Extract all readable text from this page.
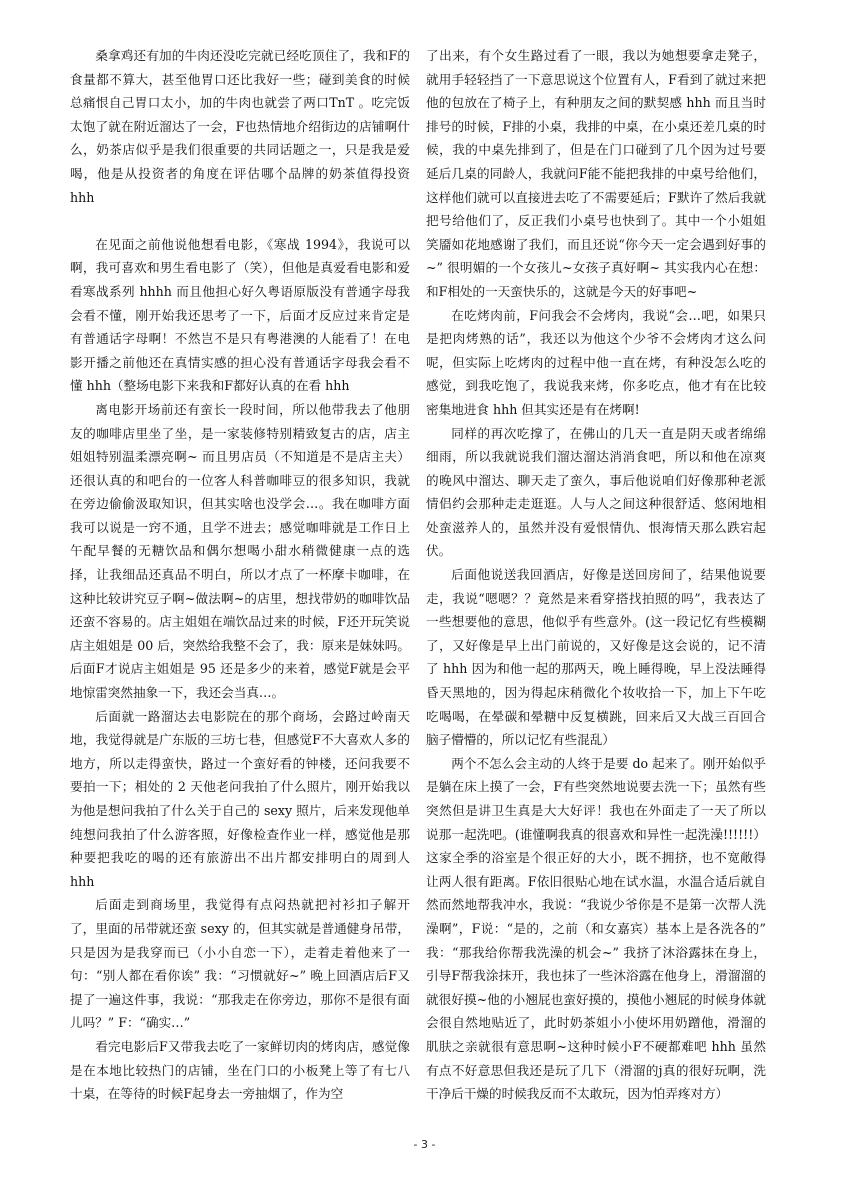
桑拿鸡还有加的牛肉还没吃完就已经吃顶住了，我和F的食量都不算大，甚至他胃口还比我好一些；碰到美食的时候总痛恨自己胃口太小，加的牛肉也就尝了两口TnT 。吃完饭太饱了就在附近溜达了一会，F也热情地介绍街边的店铺啊什么，奶茶店似乎是我们很重要的共同话题之一，只是我是爱喝，他是从投资者的角度在评估哪个品牌的奶茶值得投资 hhh

在见面之前他说他想看电影，《寒战 1994》，我说可以啊，我可喜欢和男生看电影了（笑），但他是真爱看电影和爱看寒战系列 hhhh 而且他担心好久粤语原版没有普通字母我会看不懂，刚开始我还思考了一下，后面才反应过来肯定是有普通话字母啊！不然岂不是只有粤港澳的人能看了！在电影开播之前他还在真情实感的担心没有普通话字母我会看不懂 hhh（整场电影下来我和F都好认真的在看 hhh

离电影开场前还有蛮长一段时间，所以他带我去了他朋友的咖啡店里坐了坐，是一家装修特别精致复古的店，店主姐姐特别温柔漂亮啊~ 而且男店员（不知道是不是店主夫）还很认真的和吧台的一位客人科普咖啡豆的很多知识，我就在旁边偷偷汲取知识，但其实啥也没学会…。我在咖啡方面我可以说是一窍不通，且学不进去；感觉咖啡就是工作日上午配早餐的无糖饮品和偶尔想喝小甜水稍微健康一点的选择，让我细品还真品不明白，所以才点了一杯摩卡咖啡，在这种比较讲究豆子啊~做法啊~的店里，想找带奶的咖啡饮品还蛮不容易的。店主姐姐在端饮品过来的时候，F还开玩笑说店主姐姐是 00 后，突然给我整不会了，我：原来是妹妹吗。后面F才说店主姐姐是 95 还是多少的来着，感觉F就是会平地惊雷突然抽象一下，我还会当真…。

后面就一路溜达去电影院在的那个商场，会路过岭南天地，我觉得就是广东版的三坊七巷，但感觉F不大喜欢人多的地方，所以走得蛮快，路过一个蛮好看的钟楼，还问我要不要拍一下；相处的 2 天他老问我拍了什么照片，刚开始我以为他是想问我拍了什么关于自己的 sexy 照片，后来发现他单纯想问我拍了什么游客照，好像检查作业一样，感觉他是那种要把我吃的喝的还有旅游出不出片都安排明白的周到人 hhh

后面走到商场里，我觉得有点闷热就把衬衫扣子解开了，里面的吊带就还蛮 sexy 的，但其实就是普通健身吊带，只是因为是我穿而已（小小自恋一下），走着走着他来了一句：“别人都在看你诶” 我：“习惯就好~” 晚上回酒店后F又提了一遍这件事，我说：“那我走在你旁边，那你不是很有面儿吗？” F：“确实…”

看完电影后F又带我去吃了一家鲜切肉的烤肉店，感觉像是在本地比较热门的店铺，坐在门口的小板凳上等了有七八十桌，在等待的时候F起身去一旁抽烟了，作为空

了出来，有个女生路过看了一眼，我以为她想要拿走凳子，就用手轻轻挡了一下意思说这个位置有人，F看到了就过来把他的包放在了椅子上，有种朋友之间的默契感 hhh 而且当时排号的时候，F排的小桌，我排的中桌，在小桌还差几桌的时候，我的中桌先排到了，但是在门口碰到了几个因为过号要延后几桌的同龄人，我就问F能不能把我排的中桌号给他们，这样他们就可以直接进去吃了不需要延后；F默许了然后我就把号给他们了，反正我们小桌号也快到了。其中一个小姐姐笑靥如花地感谢了我们，而且还说“你今天一定会遇到好事的~” 很明媚的一个女孩儿~女孩子真好啊~ 其实我内心在想：和F相处的一天蛮快乐的，这就是今天的好事吧~

在吃烤肉前，F问我会不会烤肉，我说“会…吧，如果只是把肉烤熟的话”，我还以为他这个少爷不会烤肉才这么问呢，但实际上吃烤肉的过程中他一直在烤，有种没怎么吃的感觉，到我吃饱了，我说我来烤，你多吃点，他才有在比较密集地进食 hhh 但其实还是有在烤啊!

同样的再次吃撑了，在佛山的几天一直是阴天或者绵绵细雨，所以我就说我们溜达溜达消消食吧，所以和他在凉爽的晚风中溜达、聊天走了蛮久，事后他说咱们好像那种老派情侣约会那种走走逛逛。人与人之间这种很舒适、悠闲地相处蛮滋养人的，虽然并没有爱恨情仇、恨海情天那么跌宕起伏。

后面他说送我回酒店，好像是送回房间了，结果他说要走，我说“嗯嗯？？竟然是来看穿搭找拍照的吗”，我表达了一些想要他的意思，他似乎有些意外。(这一段记忆有些模糊了，又好像是早上出门前说的，又好像是这会说的，记不清了 hhh 因为和他一起的那两天，晚上睡得晚，早上没法睡得昏天黑地的，因为得起床稍微化个妆收拾一下，加上下午吃吃喝喝，在晕碳和晕糖中反复横跳，回来后又大战三百回合脑子懵懵的，所以记忆有些混乱）

两个不怎么会主动的人终于是要 do 起来了。刚开始似乎是躺在床上摸了一会，F有些突然地说要去洗一下；虽然有些突然但是讲卫生真是大大好评！我也在外面走了一天了所以说那一起洗吧。(谁懂啊我真的很喜欢和异性一起洗澡!!!!!!）这家全季的浴室是个很正好的大小，既不拥挤，也不宽敞得让两人很有距离。F依旧很贴心地在试水温，水温合适后就自然而然地帮我冲水，我说：“我说少爷你是不是第一次帮人洗澡啊”，F说：“是的，之前（和女嘉宾）基本上是各洗各的” 我：“那我给你帮我洗澡的机会~” 我挤了沐浴露抹在身上，引导F帮我涂抹开，我也抹了一些沐浴露在他身上，滑溜溜的就很好摸~他的小翘屁也蛮好摸的，摸他小翘屁的时候身体就会很自然地贴近了，此时奶茶姐小小使坏用奶蹭他，滑溜的肌肤之亲就很有意思啊~这种时候小F不硬都难吧 hhh 虽然有点不好意思但我还是玩了几下（滑溜的j真的很好玩啊，洗干净后干燥的时候我反而不太敢玩，因为怕弄疼对方）

- 3 -
